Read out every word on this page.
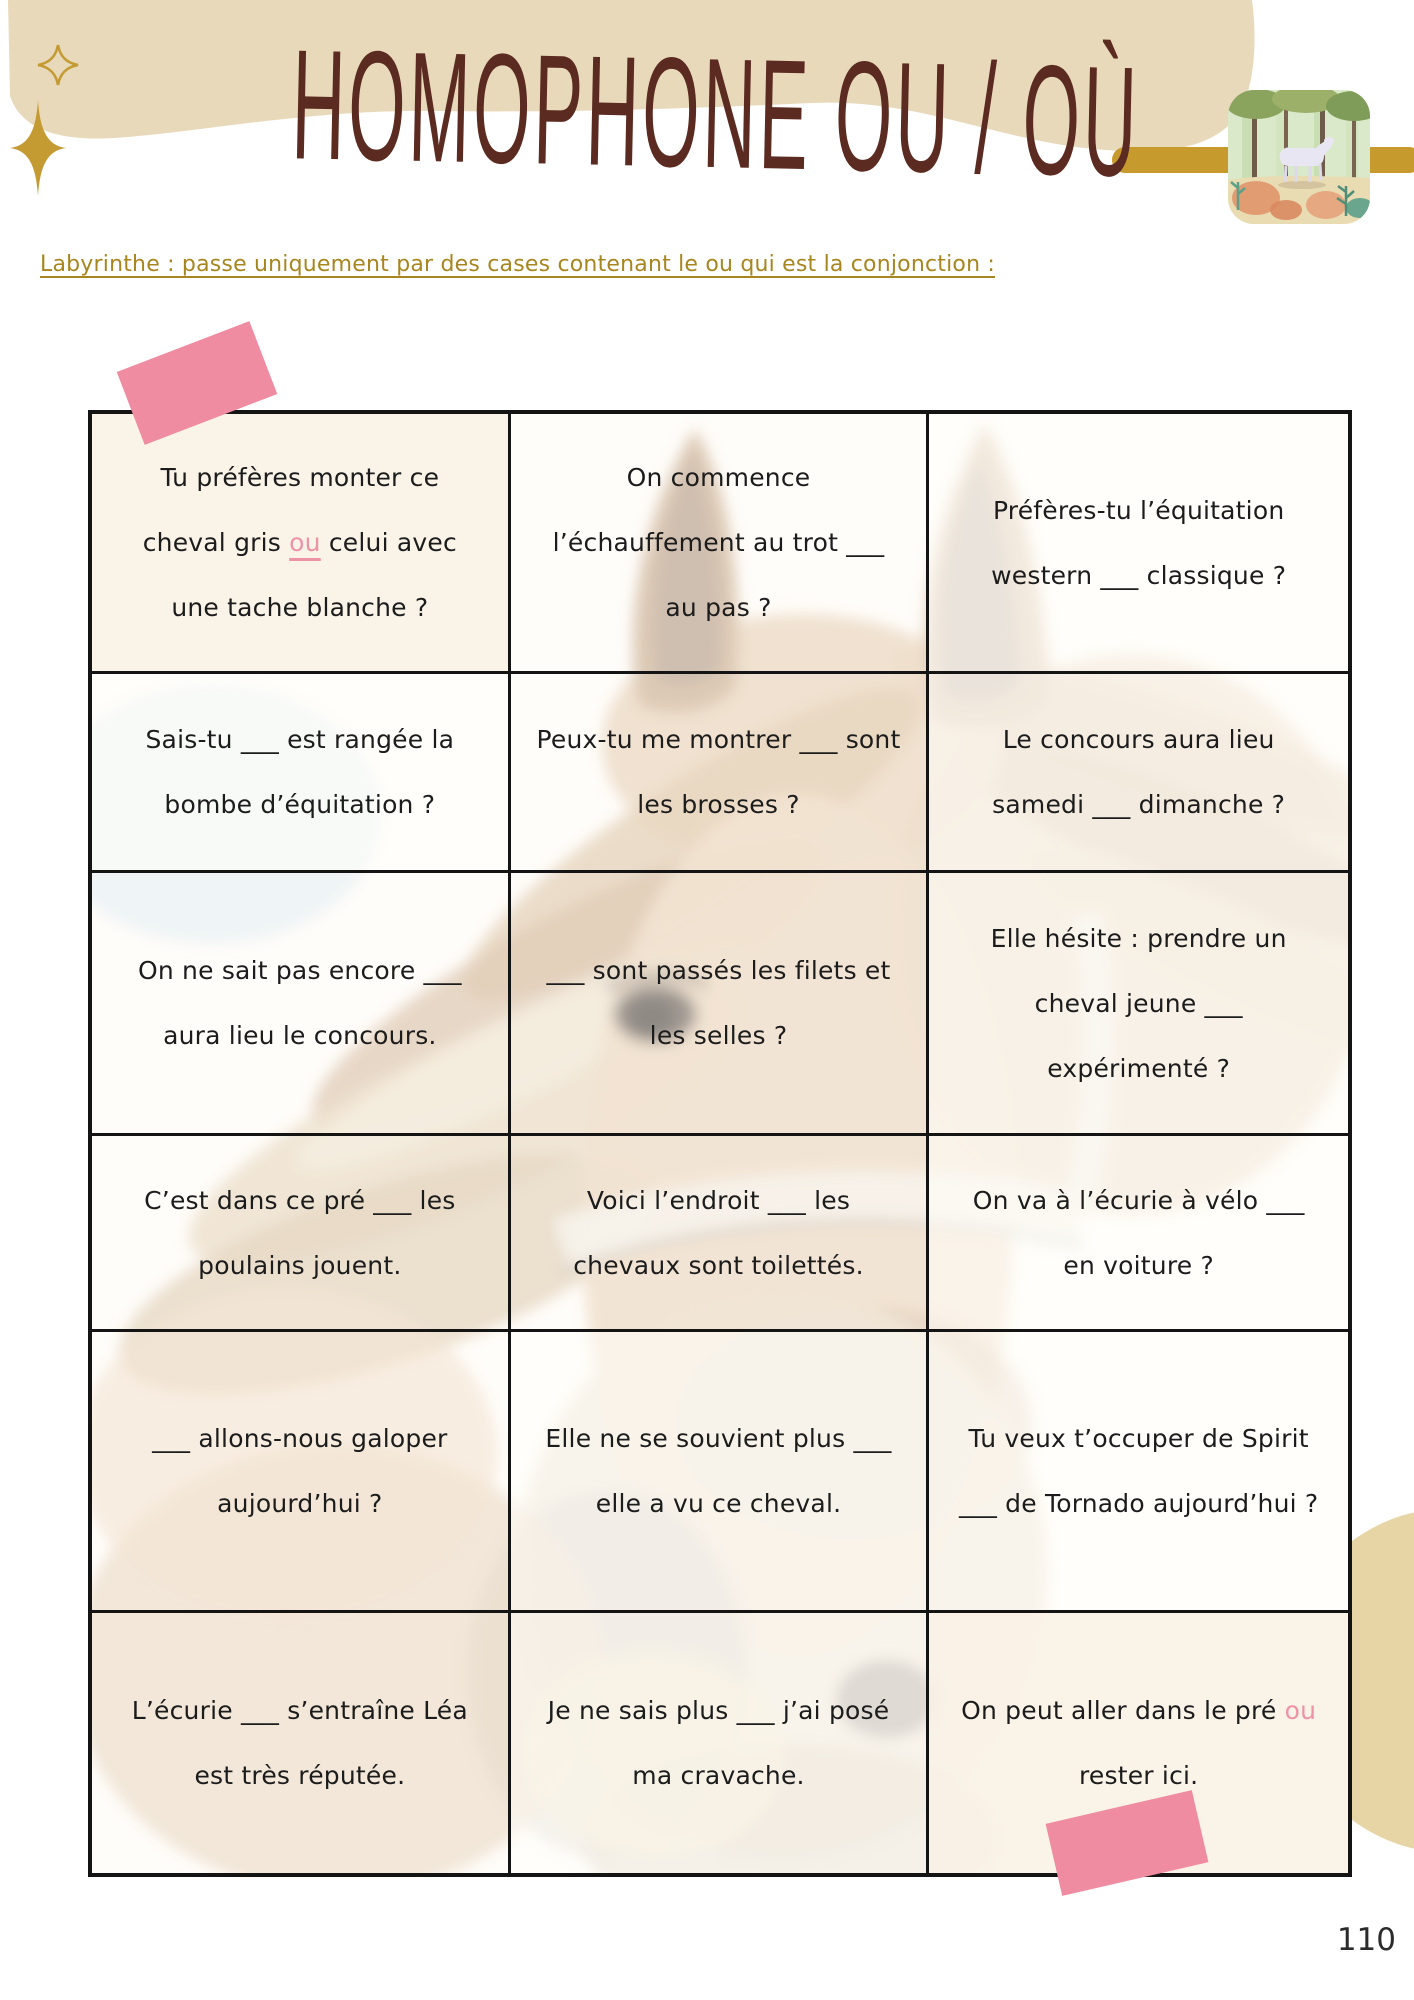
HOMOPHONE OU / OÙ
Labyrinthe : passe uniquement par des cases contenant le ou qui est la conjonction :

Tu préfères monter ce cheval gris ou celui avec une tache blanche ?

On commence l’échauffement au trot ___ au pas ?

Préfères-tu l’équitation western ___ classique ?

Sais-tu ___ est rangée la bombe d’équitation ?

Peux-tu me montrer ___ sont les brosses ?

Le concours aura lieu samedi ___ dimanche ?

On ne sait pas encore ___ aura lieu le concours.

___ sont passés les filets et les selles ?

Elle hésite : prendre un cheval jeune ___ expérimenté ?

C’est dans ce pré ___ les poulains jouent.

Voici l’endroit ___ les chevaux sont toilettés.

On va à l’écurie à vélo ___ en voiture ?

___ allons-nous galoper aujourd’hui ?

Elle ne se souvient plus ___ elle a vu ce cheval.

Tu veux t’occuper de Spirit ___ de Tornado aujourd’hui ?

L’écurie ___ s’entraîne Léa est très réputée.

Je ne sais plus ___ j’ai posé ma cravache.

On peut aller dans le pré ou rester ici.

110
